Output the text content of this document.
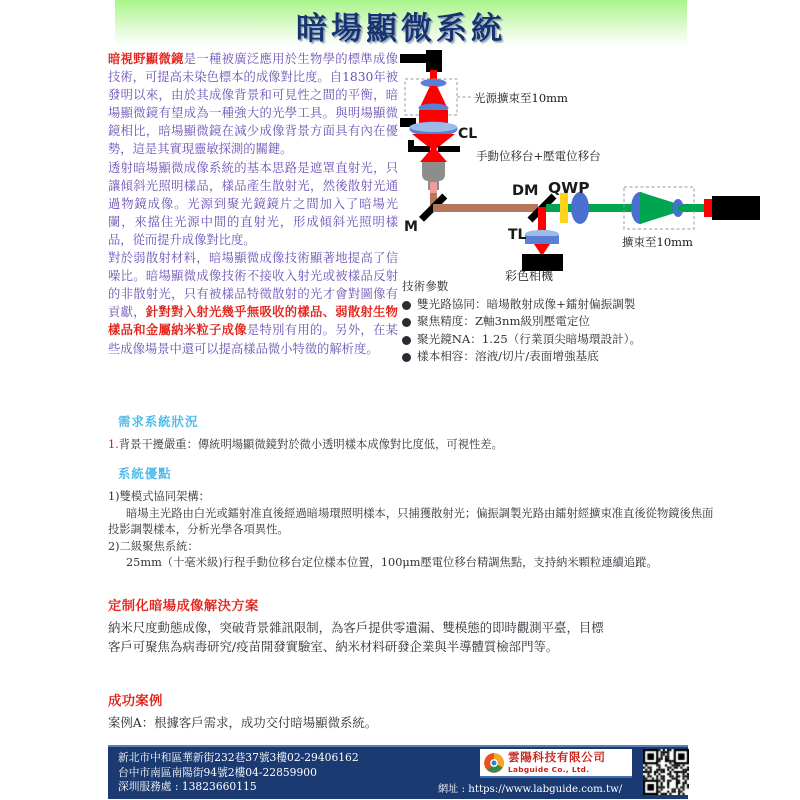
暗場顯微系統

暗視野顯微鏡是一種被廣泛應用於生物學的標準成像技術，可提高未染色標本的成像對比度。自1830年被發明以來，由於其成像背景和可見性之間的平衡，暗場顯微鏡有望成為一種強大的光學工具。與明場顯微鏡相比，暗場顯微鏡在減少成像背景方面具有內在優勢，這是其實現靈敏探測的關鍵。

透射暗場顯微成像系統的基本思路是遮罩直射光，只讓傾斜光照明樣品，樣品產生散射光，然後散射光通過物鏡成像。光源到聚光鏡鏡片之間加入了暗場光闌，來擋住光源中間的直射光，形成傾斜光照明樣品，從而提升成像對比度。

對於弱散射材料，暗場顯微成像技術顯著地提高了信噪比。暗場顯微成像技術不接收入射光或被樣品反射的非散射光，只有被樣品特徵散射的光才會對圖像有貢獻，針對對入射光幾乎無吸收的樣品、弱散射生物樣品和金屬納米粒子成像是特別有用的。另外，在某些成像場景中還可以提高樣品微小特徵的解析度。

光源擴束至10mm
CL
手動位移台+壓電位移台
DM QWP
M	TL
彩色相機
擴束至10mm

技術參數

雙光路協同：暗場散射成像+鐳射偏振調製
聚焦精度：Z軸3nm級別壓電定位
聚光鏡NA：1.25（行業頂尖暗場環設計）。
樣本相容：溶液/切片/表面增強基底

需求系統狀況

1.背景干擾嚴重：傳統明場顯微鏡對於微小透明樣本成像對比度低，可視性差。

系統優點

1)雙模式協同架構：

暗場主光路由白光或鐳射准直後經過暗場環照明樣本，只捕獲散射光；偏振調製光路由鐳射經擴束准直後從物鏡後焦面投影調製樣本，分析光學各項異性。

2)二級聚焦系統：

25mm（十毫米級)行程手動位移台定位樣本位置，100μm壓電位移台精調焦點，支持納米顆粒連續追蹤。

定制化暗場成像解決方案

納米尺度動態成像，突破背景雜訊限制，為客戶提供零遺漏、雙模態的即時觀測平臺，目標客戶可聚焦為病毒研究/疫苗開發實驗室、納米材料研發企業與半導體質檢部門等。

成功案例

案例A：根據客戶需求，成功交付暗場顯微系統。

新北市中和區華新街232巷37號3樓02-29406162
台中市南區南陽街94號2樓04-22859900
深圳服務處 : 13823660115
雲陽科技有限公司
Labguide Co., Ltd.
網址 : https://www.labguide.com.tw/
